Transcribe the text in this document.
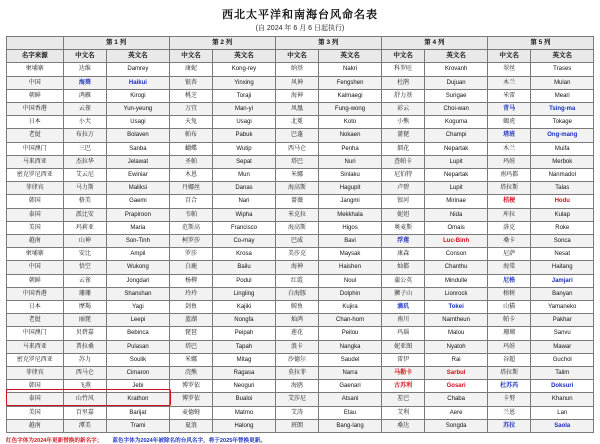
西北太平洋和南海台风命名表
(自 2024 年 6 月 6 日起执行)
	第 1 列		第 2 列		第 3 列		第 4 列		第 5 列	
名字来源	中文名	英文名	中文名	英文名	中文名	英文名	中文名	英文名	中文名	英文名
柬埔寨	达维	Damrey	康妮	Kong-rey	纳基	Nakri	科罗旺	Krovanh	翠丝	Trases
中国	海葵	Haikui	银杏	Yinxing	风神	Fengshen	杜鹃	Dujuan	木兰	Mulan
朝鲜	鸿雁	Kirogi	桃芝	Toraji	海神	Kalmaegi	舒力基	Surigae	米雷	Meari
中国香港	云雀	Yun-yeung	万宜	Man-yi	凤凰	Fung-wong	彩云	Choi-wan	青马	Tsing-ma
日本	小犬	Usagi	天兔	Usagi	北冕	Koto	小熊	Koguma	蝎虎	Tokage
老挝	布拉万	Bolaven	帕布	Pabuk	巴蓬	Nokaen	蔷琵	Champi	塔班	Ong-mang
中国澳门	三巴	Sanba	蝴蝶	Wutip	西马仑	Penha	烟花	Nepartak	木兰	Muifa
马来西亚	杰拉华	Jelawat	圣帕	Sepat	塔巴	Nuri	查帕卡	Lupit	玛娃	Merbok
密克罗尼西亚	艾云尼	Ewiniar	木恩	Mun	米娜	Sinlaku	尼伯特	Nepartak	南玛都	Nanmadol
菲律宾	马力斯	Maliksi	丹娜丝	Danas	海高斯	Hagupit	卢碧	Lupit	塔拉斯	Talas
韩国	格美	Gaemi	百合	Nari	蔷薇	Jangmi	银河	Mirinae	桔梗	Hodu
泰国	派比安	Prapiroon	韦帕	Wipha	米克拉	Mekkhala	妮妲	Nida	库拉	Kulap
美国	玛莉亚	Maria	范斯高	Francisco	海高斯	Higos	奥麦斯	Omais	洛克	Roke
越南	山神	Son-Tinh	柯罗莎	Co-may	巴威	Bavi	浮莲	Luc-Binh	桑卡	Sonca
柬埔寨	安比	Ampil	罗莎	Krosa	美莎克	Maysak	康森	Conson	尼萨	Nesat
中国	悟空	Wukong	白鹿	Bailu	海神	Haishen	灿都	Chanthu	海棠	Haitang
朝鲜	云雀	Jongdari	杨柳	Podul	红霞	Noul	蒲公英	Mindulle	尼格	Jamjari
中国香港	珊珊	Shanshan	玲玲	Lingling	白海豚	Dolphin	狮子山	Lionrock	榕树	Banyan
日本	摩羯	Yagi	剑鱼	Kajiki	鲸鱼	Kujira	滴玑	Tokei	山猫	Yamaneko
老挝	丽琵	Leepi	蓝湖	Nongfa	灿鸿	Chan-hom	南川	Namtheun	帕卡	Pakhar
中国澳门	贝碧嘉	Bebinca	琵琶	Peipah	莲花	Peilou	玛瑙	Malou	珊瑚	Sanvu
马来西亚	普拉桑	Pulasan	塔巴	Tapah	浪卡	Nangka	妮亚图	Nyatoh	玛娃	Mawar
密克罗尼西亚	苏力	Soulik	米娜	Mitag	沙德尔	Saudel	雷伊	Rai	谷超	Guchol
菲律宾	西马仑	Cimaron	浣熊	Ragasa	莫拉菲	Narra	马勒卡	Sarbul	塔拉斯	Talim
韩国	飞燕	Jebi	博罗依	Neoguri	海鸥	Gaenari	古苏利	Gosari	杜苏芮	Doksuri
泰国	山竹风	Krathon	博罗依	Bualoi	艾莎尼	Atsani	差巴	Chaba	卡努	Khanun
美国	百里嘉	Barijat	麦德姆	Matmo	艾涛	Etau	艾利	Aere	兰恩	Lan
越南	潭美	Trami	夏浪	Halong	班朗	Bang-lang	桑达	Songda	苏拉	Saola
红色字体为2024年更新替换的新名字； 蓝色字体为2024年被除名的台风名字，将于2025年替换更新。
